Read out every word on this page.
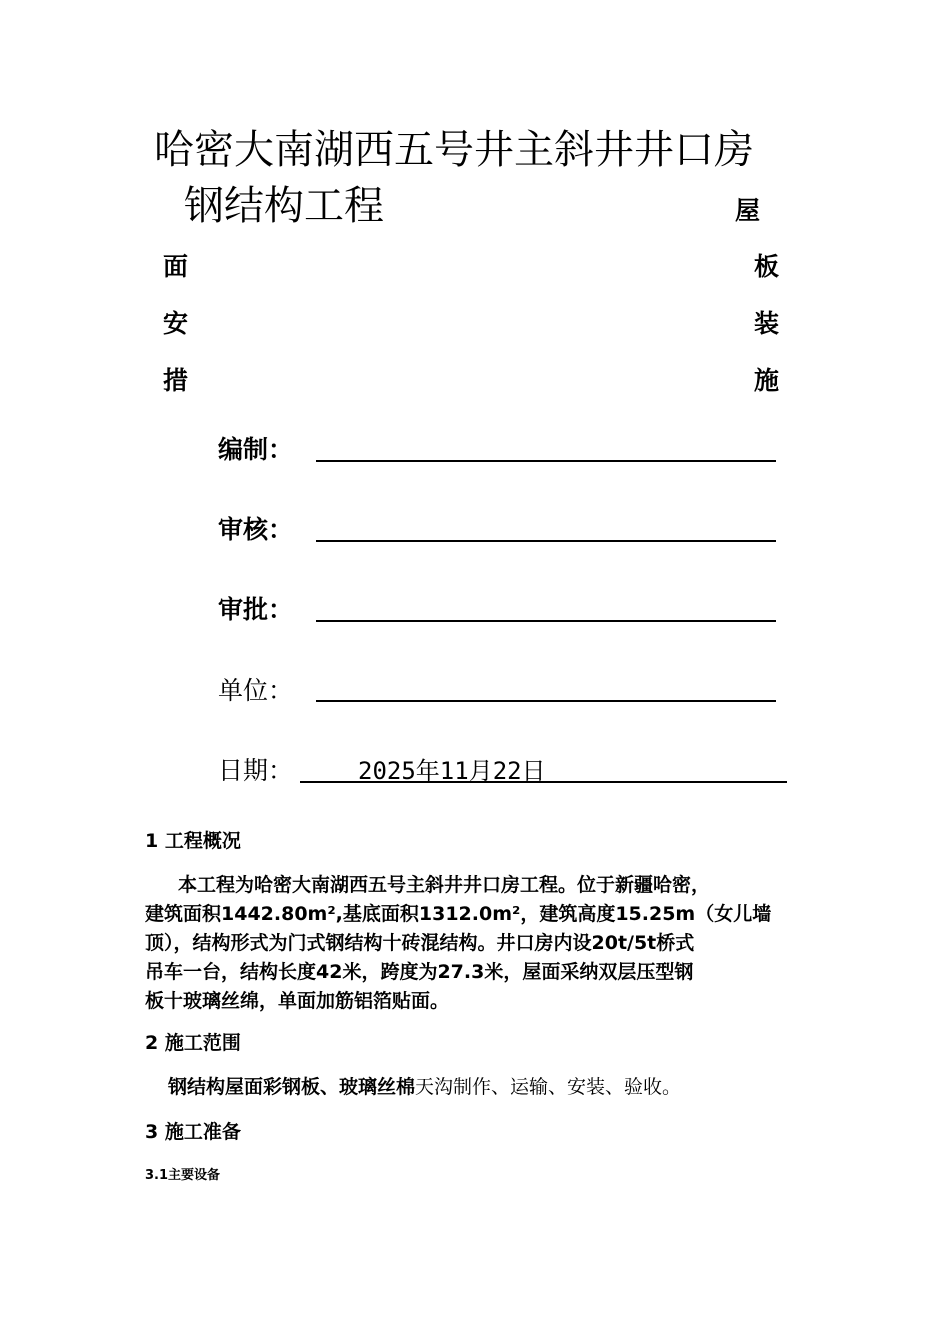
哈密大南湖西五号井主斜井井口房
钢结构工程	屋
面	板
安	装
措	施
编制：
审核：
审批：
单位：
日期：	2025年11月22日
1 工程概况
本工程为哈密大南湖西五号主斜井井口房工程。位于新疆哈密，
建筑面积1442.80m²,基底面积1312.0m²，建筑高度15.25m（女儿墙
顶），结构形式为门式钢结构十砖混结构。井口房内设20t/5t桥式
吊车一台，结构长度42米，跨度为27.3米，屋面采纳双层压型钢
板十玻璃丝绵，单面加筋铝箔贴面。
2 施工范围
钢结构屋面彩钢板、玻璃丝棉天沟制作、运输、安装、验收。
3 施工准备
3.1主要设备
